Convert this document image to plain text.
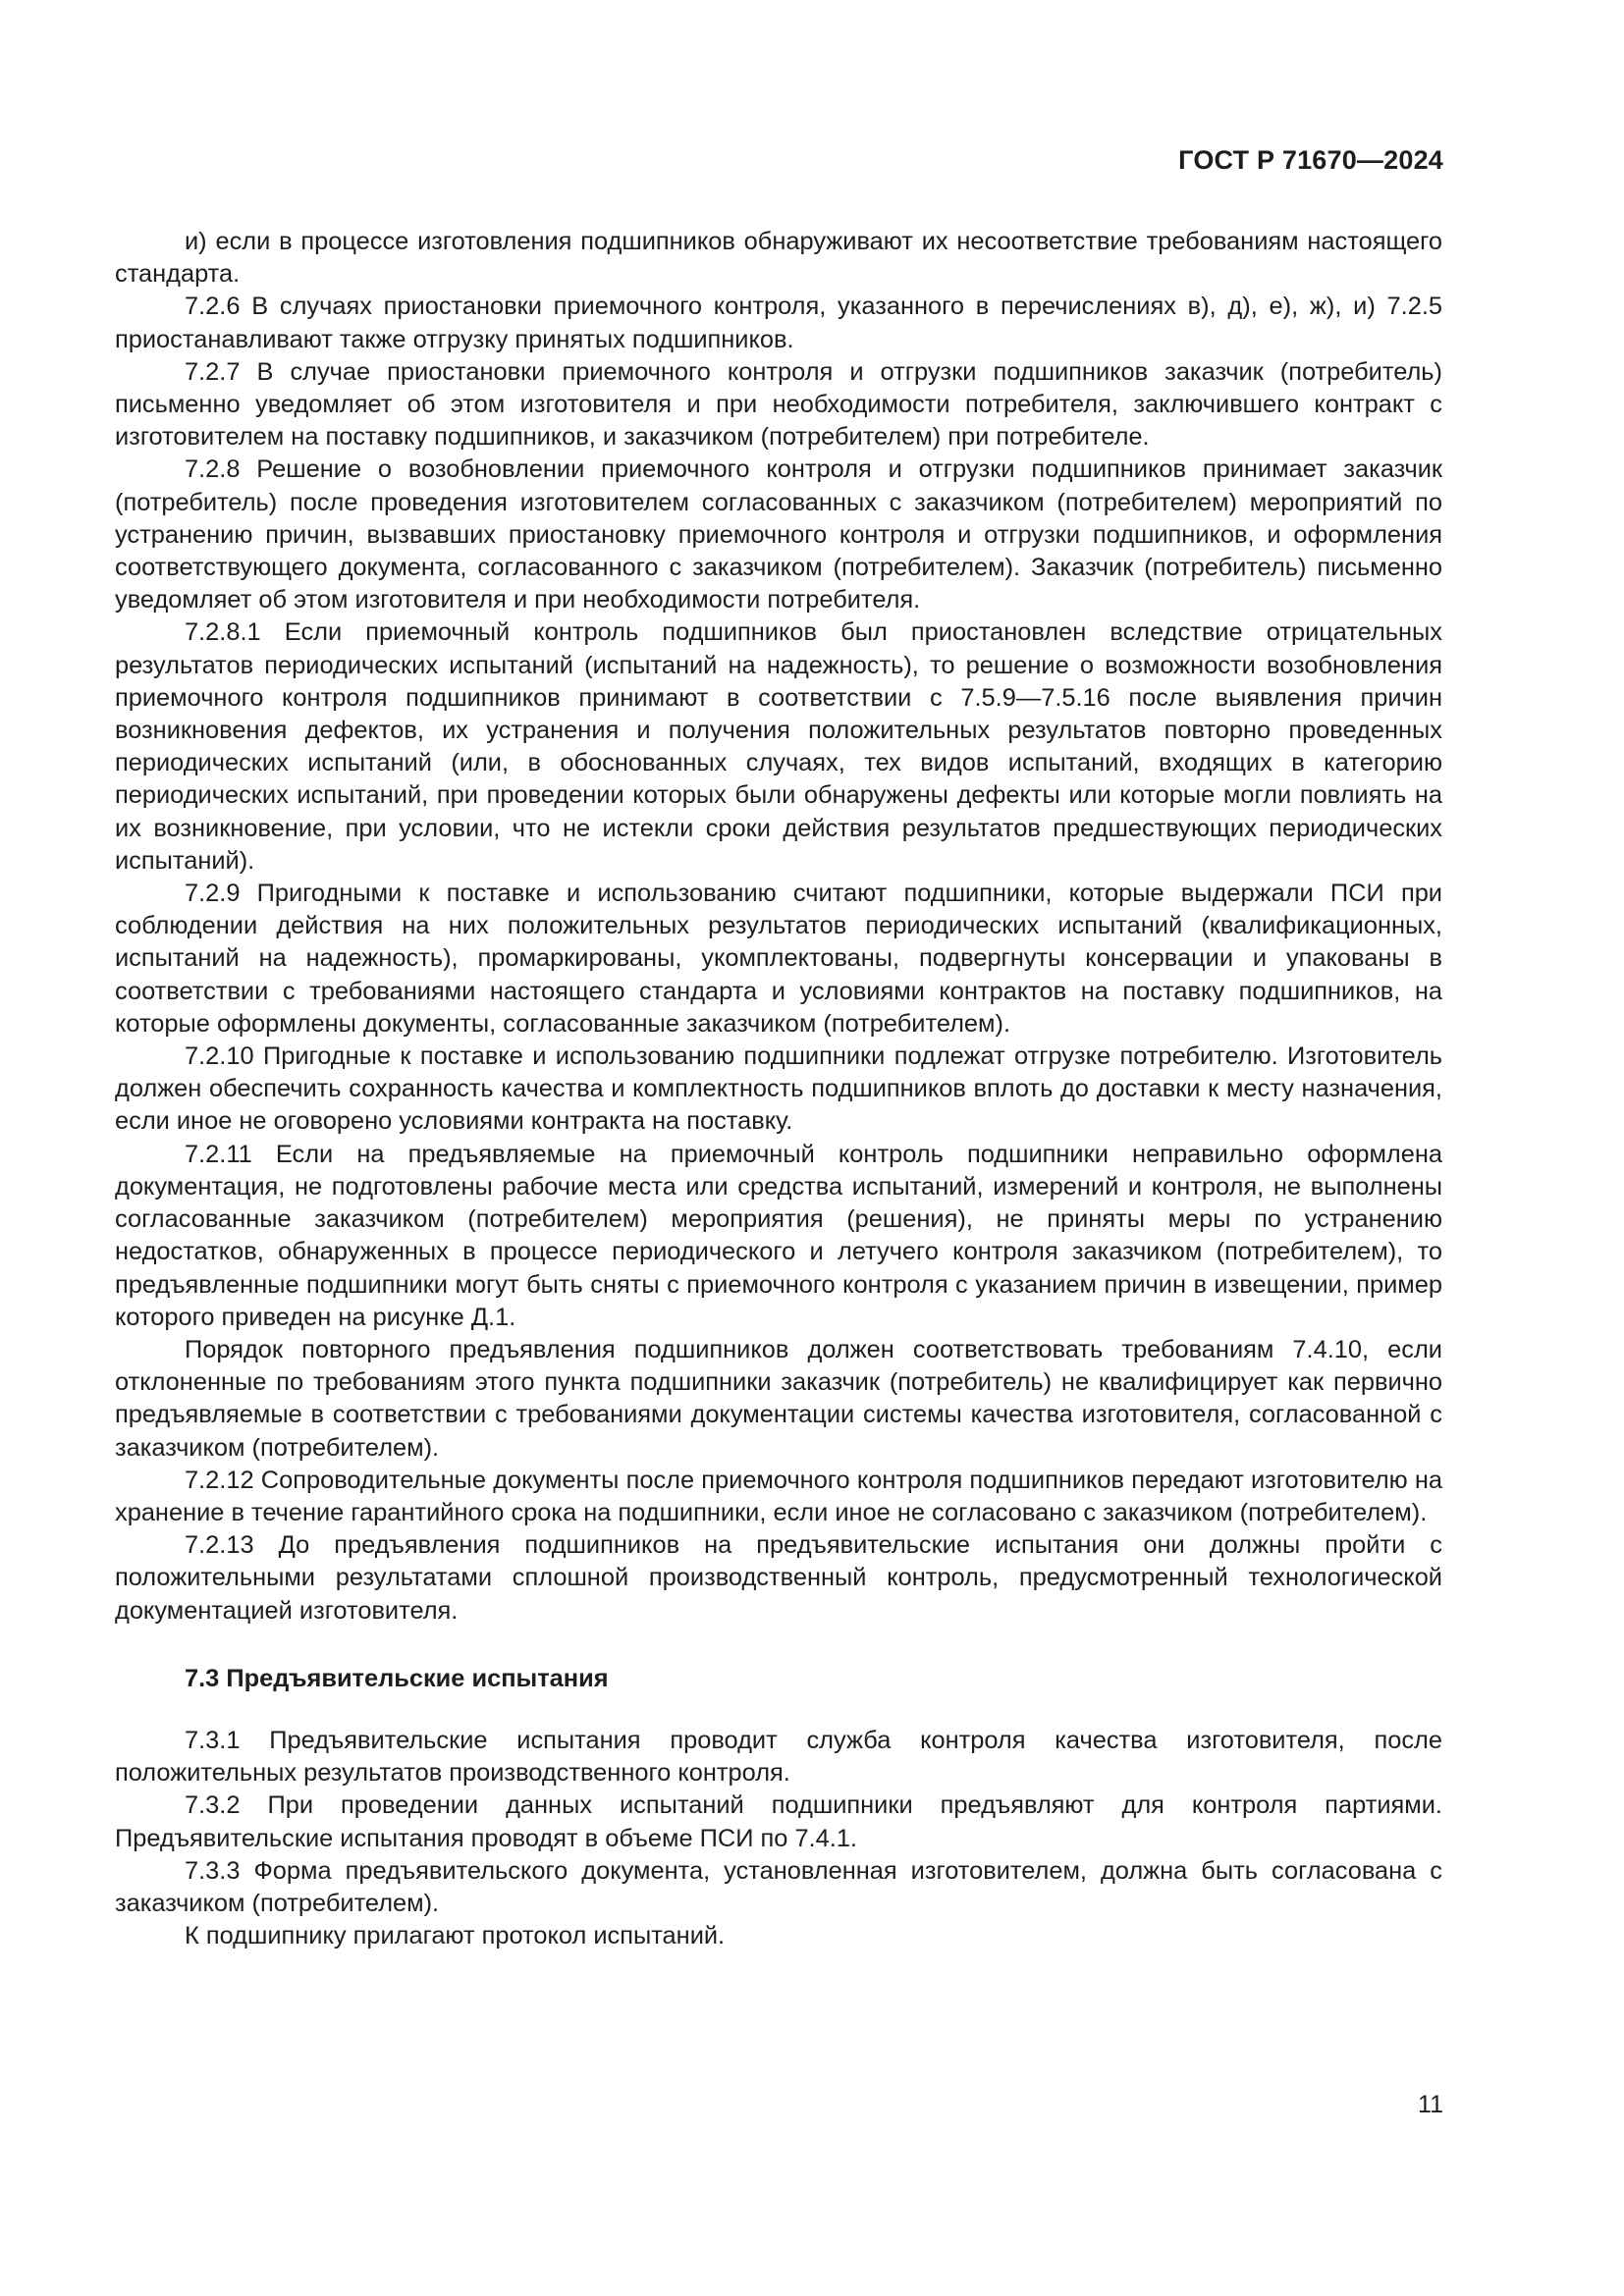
ГОСТ Р 71670—2024

и) если в процессе изготовления подшипников обнаруживают их несоответствие требованиям настоящего стандарта.

7.2.6 В случаях приостановки приемочного контроля, указанного в перечислениях в), д), е), ж), и) 7.2.5 приостанавливают также отгрузку принятых подшипников.

7.2.7 В случае приостановки приемочного контроля и отгрузки подшипников заказчик (потребитель) письменно уведомляет об этом изготовителя и при необходимости потребителя, заключившего контракт с изготовителем на поставку подшипников, и заказчиком (потребителем) при потребителе.

7.2.8 Решение о возобновлении приемочного контроля и отгрузки подшипников принимает заказчик (потребитель) после проведения изготовителем согласованных с заказчиком (потребителем) мероприятий по устранению причин, вызвавших приостановку приемочного контроля и отгрузки подшипников, и оформления соответствующего документа, согласованного с заказчиком (потребителем). Заказчик (потребитель) письменно уведомляет об этом изготовителя и при необходимости потребителя.

7.2.8.1 Если приемочный контроль подшипников был приостановлен вследствие отрицательных результатов периодических испытаний (испытаний на надежность), то решение о возможности возобновления приемочного контроля подшипников принимают в соответствии с 7.5.9—7.5.16 после выявления причин возникновения дефектов, их устранения и получения положительных результатов повторно проведенных периодических испытаний (или, в обоснованных случаях, тех видов испытаний, входящих в категорию периодических испытаний, при проведении которых были обнаружены дефекты или которые могли повлиять на их возникновение, при условии, что не истекли сроки действия результатов предшествующих периодических испытаний).

7.2.9 Пригодными к поставке и использованию считают подшипники, которые выдержали ПСИ при соблюдении действия на них положительных результатов периодических испытаний (квалификационных, испытаний на надежность), промаркированы, укомплектованы, подвергнуты консервации и упакованы в соответствии с требованиями настоящего стандарта и условиями контрактов на поставку подшипников, на которые оформлены документы, согласованные заказчиком (потребителем).

7.2.10 Пригодные к поставке и использованию подшипники подлежат отгрузке потребителю. Изготовитель должен обеспечить сохранность качества и комплектность подшипников вплоть до доставки к месту назначения, если иное не оговорено условиями контракта на поставку.

7.2.11 Если на предъявляемые на приемочный контроль подшипники неправильно оформлена документация, не подготовлены рабочие места или средства испытаний, измерений и контроля, не выполнены согласованные заказчиком (потребителем) мероприятия (решения), не приняты меры по устранению недостатков, обнаруженных в процессе периодического и летучего контроля заказчиком (потребителем), то предъявленные подшипники могут быть сняты с приемочного контроля с указанием причин в извещении, пример которого приведен на рисунке Д.1.

Порядок повторного предъявления подшипников должен соответствовать требованиям 7.4.10, если отклоненные по требованиям этого пункта подшипники заказчик (потребитель) не квалифицирует как первично предъявляемые в соответствии с требованиями документации системы качества изготовителя, согласованной с заказчиком (потребителем).

7.2.12 Сопроводительные документы после приемочного контроля подшипников передают изготовителю на хранение в течение гарантийного срока на подшипники, если иное не согласовано с заказчиком (потребителем).

7.2.13 До предъявления подшипников на предъявительские испытания они должны пройти с положительными результатами сплошной производственный контроль, предусмотренный технологической документацией изготовителя.

7.3 Предъявительские испытания

7.3.1 Предъявительские испытания проводит служба контроля качества изготовителя, после положительных результатов производственного контроля.

7.3.2 При проведении данных испытаний подшипники предъявляют для контроля партиями. Предъявительские испытания проводят в объеме ПСИ по 7.4.1.

7.3.3 Форма предъявительского документа, установленная изготовителем, должна быть согласована с заказчиком (потребителем).

К подшипнику прилагают протокол испытаний.

11
